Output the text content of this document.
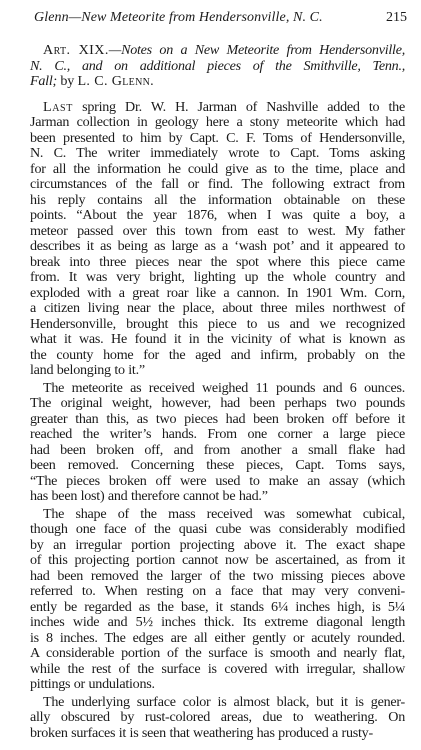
Glenn—New Meteorite from Hendersonville, N. C.	215
Art. XIX.—Notes on a New Meteorite from Hendersonville,
N. C., and on additional pieces of the Smithville, Tenn.,
Fall; by L. C. Glenn.
Last spring Dr. W. H. Jarman of Nashville added to the
Jarman collection in geology here a stony meteorite which had
been presented to him by Capt. C. F. Toms of Hendersonville,
N. C. The writer immediately wrote to Capt. Toms asking
for all the information he could give as to the time, place and
circumstances of the fall or find. The following extract from
his reply contains all the information obtainable on these
points. “About the year 1876, when I was quite a boy, a
meteor passed over this town from east to west. My father
describes it as being as large as a ‘wash pot’ and it appeared to
break into three pieces near the spot where this piece came
from. It was very bright, lighting up the whole country and
exploded with a great roar like a cannon. In 1901 Wm. Corn,
a citizen living near the place, about three miles northwest of
Hendersonville, brought this piece to us and we recognized
what it was. He found it in the vicinity of what is known as
the county home for the aged and infirm, probably on the
land belonging to it.”
The meteorite as received weighed 11 pounds and 6 ounces.
The original weight, however, had been perhaps two pounds
greater than this, as two pieces had been broken off before it
reached the writer’s hands. From one corner a large piece
had been broken off, and from another a small flake had
been removed. Concerning these pieces, Capt. Toms says,
“The pieces broken off were used to make an assay (which
has been lost) and therefore cannot be had.”
The shape of the mass received was somewhat cubical,
though one face of the quasi cube was considerably modified
by an irregular portion projecting above it. The exact shape
of this projecting portion cannot now be ascertained, as from it
had been removed the larger of the two missing pieces above
referred to. When resting on a face that may very conveni-
ently be regarded as the base, it stands 6¼ inches high, is 5¼
inches wide and 5½ inches thick. Its extreme diagonal length
is 8 inches. The edges are all either gently or acutely rounded.
A considerable portion of the surface is smooth and nearly flat,
while the rest of the surface is covered with irregular, shallow
pittings or undulations.
The underlying surface color is almost black, but it is gener-
ally obscured by rust-colored areas, due to weathering. On
broken surfaces it is seen that weathering has produced a rusty-
